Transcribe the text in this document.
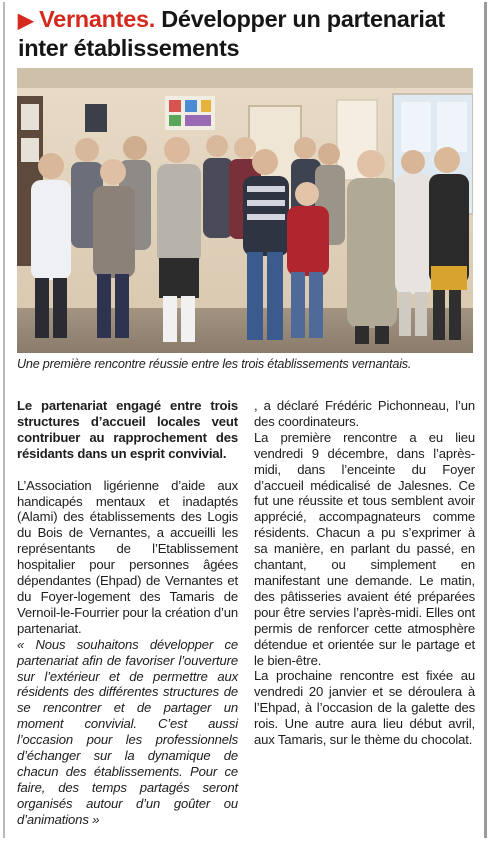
▶ Vernantes. Développer un partenariat inter établissements
Une première rencontre réussie entre les trois établissements vernantais.

Le partenariat engagé entre trois structures d’accueil locales veut contribuer au rapprochement des résidants dans un esprit convivial.

L’Association ligérienne d’aide aux handicapés mentaux et inadaptés (Alami) des établissements des Logis du Bois de Vernantes, a accueilli les représentants de l’Etablissement hospitalier pour personnes âgées dépendantes (Ehpad) de Vernantes et du Foyer-logement des Tamaris de Vernoil-le-Fourrier pour la création d’un partenariat.

« Nous souhaitons développer ce partenariat afin de favoriser l’ouverture sur l’extérieur et de permettre aux résidents des différentes structures de se rencontrer et de partager un moment convivial. C’est aussi l’occasion pour les professionnels d’échanger sur la dynamique de chacun des établissements. Pour ce faire, des temps partagés seront organisés autour d’un goûter ou d’animations »

, a déclaré Frédéric Pichonneau, l’un des coordinateurs.

La première rencontre a eu lieu vendredi 9 décembre, dans l’après-midi, dans l’enceinte du Foyer d’accueil médicalisé de Jalesnes. Ce fut une réussite et tous semblent avoir apprécié, accompagnateurs comme résidents. Chacun a pu s’exprimer à sa manière, en parlant du passé, en chantant, ou simplement en manifestant une demande. Le matin, des pâtisseries avaient été préparées pour être servies l’après-midi. Elles ont permis de renforcer cette atmosphère détendue et orientée sur le partage et le bien-être.

La prochaine rencontre est fixée au vendredi 20 janvier et se déroulera à l’Ehpad, à l’occasion de la galette des rois. Une autre aura lieu début avril, aux Tamaris, sur le thème du chocolat.
